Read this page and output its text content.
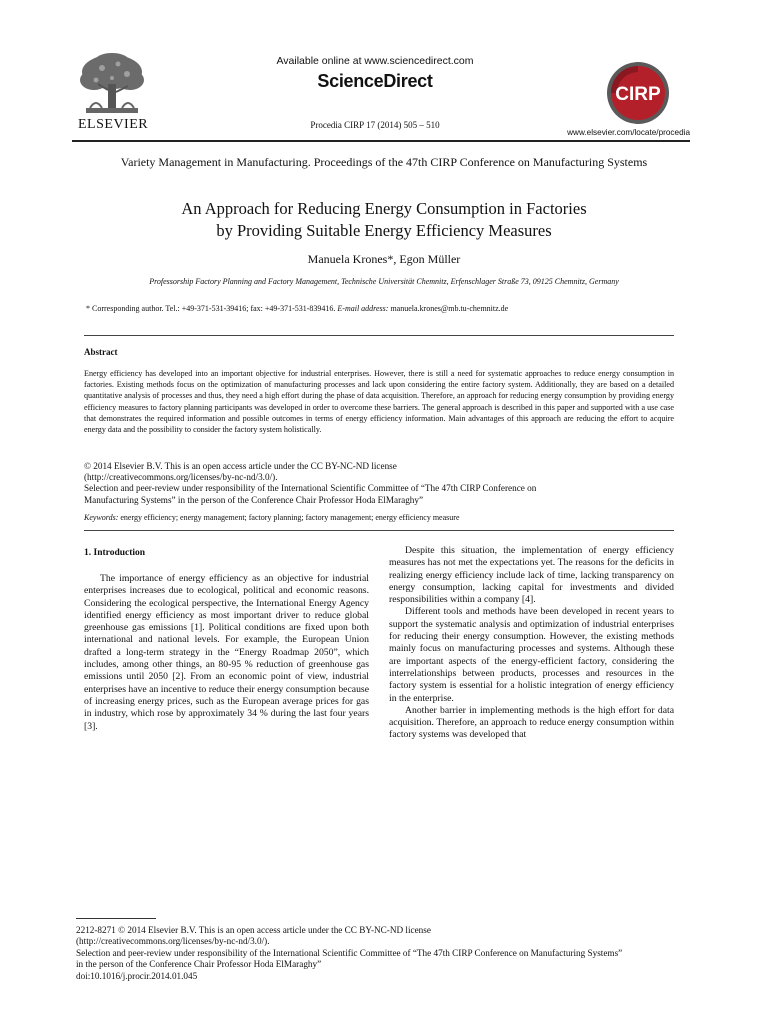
ELSEVIER
Available online at www.sciencedirect.com
ScienceDirect
Procedia CIRP 17 (2014) 505 – 510
CIRP
www.elsevier.com/locate/procedia
Variety Management in Manufacturing. Proceedings of the 47th CIRP Conference on Manufacturing Systems
An Approach for Reducing Energy Consumption in Factories
by Providing Suitable Energy Efficiency Measures
Manuela Krones*, Egon Müller
Professorship Factory Planning and Factory Management, Technische Universität Chemnitz, Erfenschlager Straße 73, 09125 Chemnitz, Germany
* Corresponding author. Tel.: +49-371-531-39416; fax: +49-371-531-839416. E-mail address: manuela.krones@mb.tu-chemnitz.de
Abstract
Energy efficiency has developed into an important objective for industrial enterprises. However, there is still a need for systematic approaches to reduce energy consumption in factories. Existing methods focus on the optimization of manufacturing processes and lack upon considering the entire factory system. Additionally, they are based on a detailed quantitative analysis of processes and thus, they need a high effort during the phase of data acquisition. Therefore, an approach for reducing energy consumption by providing energy efficiency measures to factory planning participants was developed in order to overcome these barriers. The general approach is described in this paper and supported with a use case that demonstrates the required information and possible outcomes in terms of energy efficiency information. Main advantages of this approach are reducing the effort to acquire energy data and the possibility to consider the factory system holistically.
© 2014 Elsevier B.V. This is an open access article under the CC BY-NC-ND license
(http://creativecommons.org/licenses/by-nc-nd/3.0/).
Selection and peer-review under responsibility of the International Scientific Committee of “The 47th CIRP Conference on
Manufacturing Systems” in the person of the Conference Chair Professor Hoda ElMaraghy”
Keywords: energy efficiency; energy management; factory planning; factory management; energy efficiency measure
1. Introduction

The importance of energy efficiency as an objective for industrial enterprises increases due to ecological, political and economic reasons. Considering the ecological perspective, the International Energy Agency identified energy efficiency as most important driver to reduce global greenhouse gas emissions [1]. Political conditions are fixed upon both international and national levels. For example, the European Union drafted a long-term strategy in the “Energy Roadmap 2050”, which includes, among other things, an 80-95 % reduction of greenhouse gas emissions until 2050 [2]. From an economic point of view, industrial enterprises have an incentive to reduce their energy consumption because of increasing energy prices, such as the European average prices for gas in industry, which rose by approximately 34 % during the last four years [3].

Despite this situation, the implementation of energy efficiency measures has not met the expectations yet. The reasons for the deficits in realizing energy efficiency include lack of time, lacking transparency on energy consumption, lacking capital for investments and divided responsibilities within a company [4].

Different tools and methods have been developed in recent years to support the systematic analysis and optimization of industrial enterprises for reducing their energy consumption. However, the existing methods mainly focus on manufacturing processes and systems. Although these are important aspects of the energy-efficient factory, considering the interrelationships between products, processes and resources in the factory system is essential for a holistic integration of energy efficiency in the enterprise.

Another barrier in implementing methods is the high effort for data acquisition. Therefore, an approach to reduce energy consumption within factory systems was developed that

2212-8271 © 2014 Elsevier B.V. This is an open access article under the CC BY-NC-ND license
(http://creativecommons.org/licenses/by-nc-nd/3.0/).
Selection and peer-review under responsibility of the International Scientific Committee of “The 47th CIRP Conference on Manufacturing Systems”
in the person of the Conference Chair Professor Hoda ElMaraghy”
doi:10.1016/j.procir.2014.01.045
